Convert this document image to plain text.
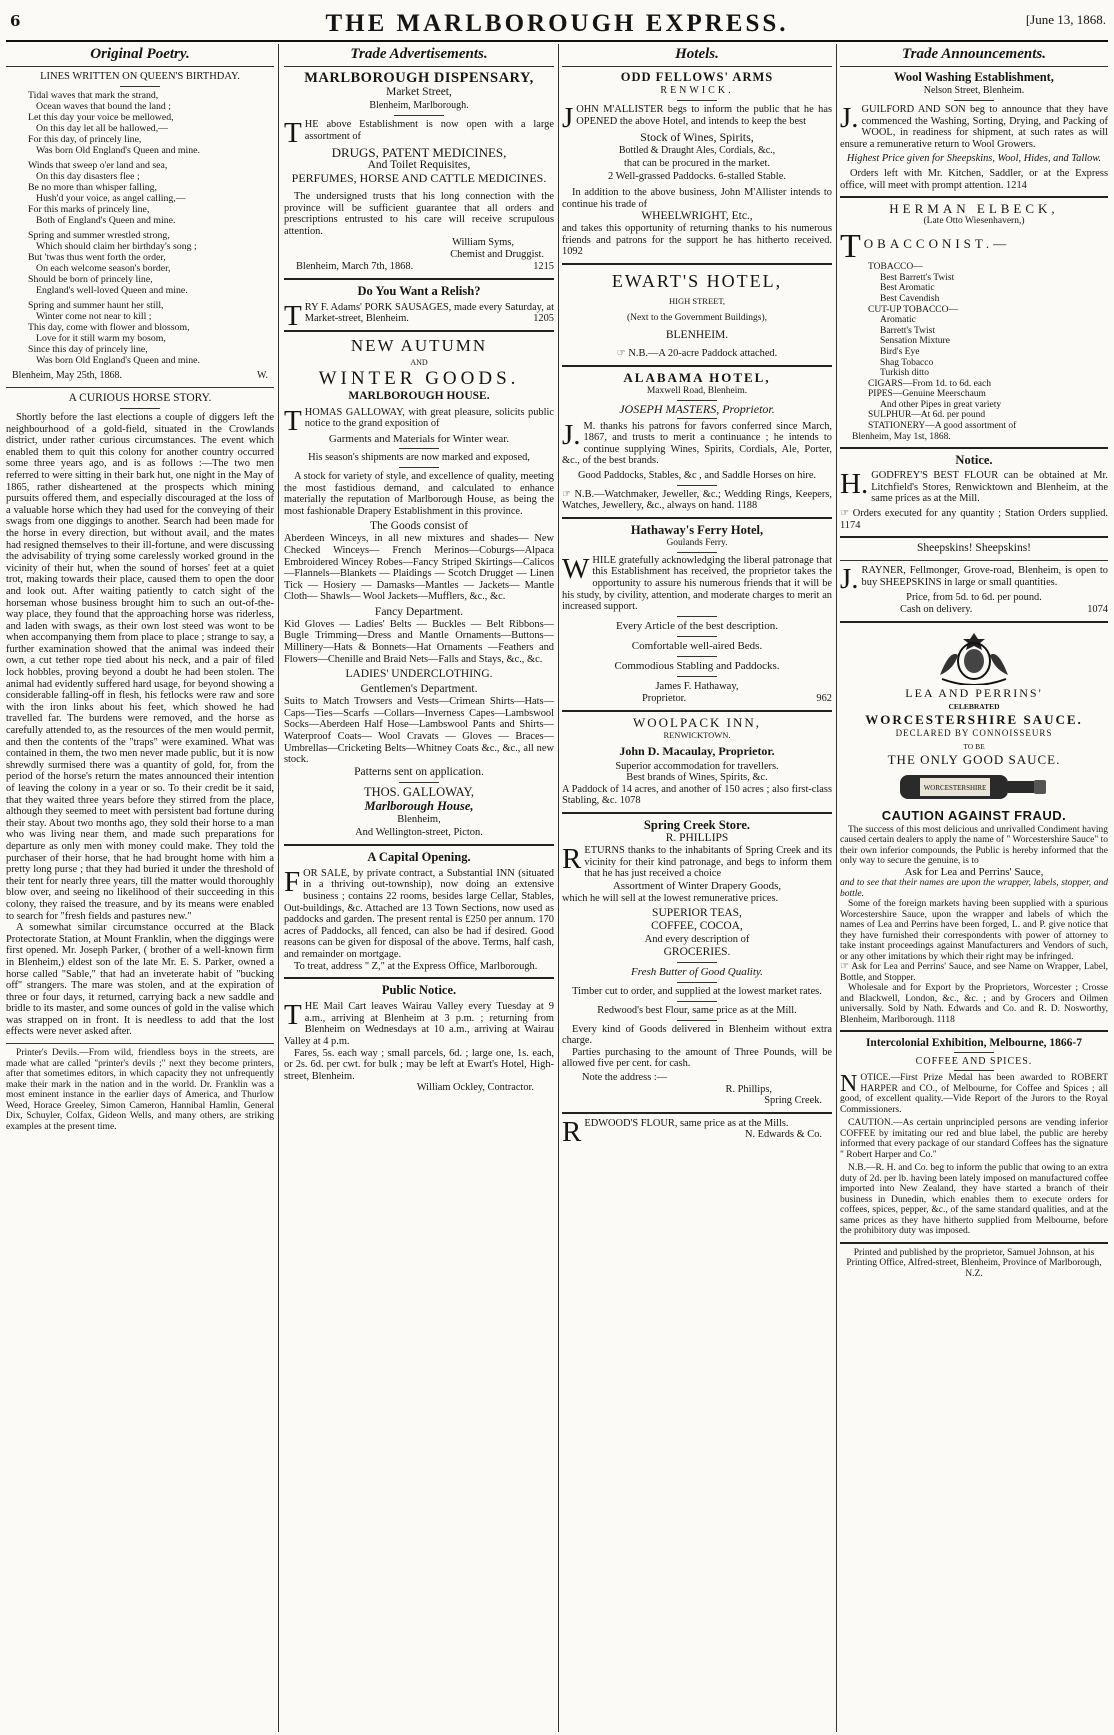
6	THE MARLBOROUGH EXPRESS.	[June 13, 1868.
Original Poetry.
LINES WRITTEN ON QUEEN'S BIRTHDAY.
Tidal waves that mark the strand,
Ocean waves that bound the land ;
Let this day your voice be mellowed,
On this day let all be hallowed,—
For this day, of princely line,
Was born Old England's Queen and mine.
Winds that sweep o'er land and sea,
On this day disasters flee ;
Be no more than whisper falling,
Hush'd your voice, as angel calling,—
For this marks of princely line,
Both of England's Queen and mine.
Spring and summer wrestled strong,
Which should claim her birthday's song ;
But 'twas thus went forth the order,
On each welcome season's border,
Should be born of princely line,
England's well-loved Queen and mine.
Spring and summer haunt her still,
Winter come not near to kill ;
This day, come with flower and blossom,
Love for it still warm my bosom,
Since this day of princely line,
Was born Old England's Queen and mine.
Blenheim, May 25th, 1868.	W.
A CURIOUS HORSE STORY.

Shortly before the last elections a couple of diggers left the neighbourhood of a gold-field, situated in the Crowlands district, under rather curious circumstances. The event which enabled them to quit this colony for another country occurred some three years ago, and is as follows :—The two men referred to were sitting in their bark hut, one night in the May of 1865, rather disheartened at the prospects which mining pursuits offered them, and especially discouraged at the loss of a valuable horse which they had used for the conveying of their swags from one diggings to another. Search had been made for the horse in every direction, but without avail, and the mates had resigned themselves to their ill-fortune, and were discussing the advisability of trying some carelessly worked ground in the vicinity of their hut, when the sound of horses' feet at a quiet trot, making towards their place, caused them to open the door and look out. After waiting patiently to catch sight of the horseman whose business brought him to such an out-of-the-way place, they found that the approaching horse was riderless, and laden with swags, as their own lost steed was wont to be when accompanying them from place to place ; strange to say, a further examination showed that the animal was indeed their own, a cut tether rope tied about his neck, and a pair of filed lock hobbles, proving beyond a doubt he had been stolen. The animal had evidently suffered hard usage, for beyond showing a considerable falling-off in flesh, his fetlocks were raw and sore with the iron links about his feet, which showed he had travelled far. The burdens were removed, and the horse as carefully attended to, as the resources of the men would permit, and then the contents of the "traps" were examined. What was contained in them, the two men never made public, but it is now shrewdly surmised there was a quantity of gold, for, from the period of the horse's return the mates announced their intention of leaving the colony in a year or so. To their credit be it said, that they waited three years before they stirred from the place, although they seemed to meet with persistent bad fortune during their stay. About two months ago, they sold their horse to a man who was living near them, and made such preparations for departure as only men with money could make. They told the purchaser of their horse, that he had brought home with him a pretty long purse ; that they had buried it under the threshold of their tent for nearly three years, till the matter would thoroughly blow over, and seeing no likelihood of their succeeding in this colony, they raised the treasure, and by its means were enabled to search for "fresh fields and pastures new."

A somewhat similar circumstance occurred at the Black Protectorate Station, at Mount Franklin, when the diggings were first opened. Mr. Joseph Parker, ( brother of a well-known firm in Blenheim,) eldest son of the late Mr. E. S. Parker, owned a horse called "Sable," that had an inveterate habit of "bucking off" strangers. The mare was stolen, and at the expiration of three or four days, it returned, carrying back a new saddle and bridle to its master, and some ounces of gold in the valise which was strapped on in front. It is needless to add that the lost effects were never asked after.

Printer's Devils.—From wild, friendless boys in the streets, are made what are called "printer's devils ;" next they become printers, after that sometimes editors, in which capacity they not unfrequently make their mark in the nation and in the world. Dr. Franklin was a most eminent instance in the earlier days of America, and Thurlow Weed, Horace Greeley, Simon Cameron, Hannibal Hamlin, General Dix, Schuyler, Colfax, Gideon Wells, and many others, are striking examples at the present time.

Trade Advertisements.
MARLBOROUGH DISPENSARY,
Market Street,
Blenheim, Marlborough.

THE above Establishment is now open with a large assortment of

DRUGS, PATENT MEDICINES,
And Toilet Requisites,
PERFUMES, HORSE AND CATTLE MEDICINES.

The undersigned trusts that his long connection with the province will be sufficient guarantee that all orders and prescriptions entrusted to his care will receive scrupulous attention.

William Syms,
Chemist and Druggist.
Blenheim, March 7th, 1868.	1215
Do You Want a Relish?

TRY F. Adams' PORK SAUSAGES, made every Saturday, at Market-street, Blenheim.	1205

NEW AUTUMN
AND
WINTER GOODS.
MARLBOROUGH HOUSE.

THOMAS GALLOWAY, with great pleasure, solicits public notice to the grand exposition of

Garments and Materials for Winter wear.

His season's shipments are now marked and exposed,

A stock for variety of style, and excellence of quality, meeting the most fastidious demand, and calculated to enhance materially the reputation of Marlborough House, as being the most fashionable Drapery Establishment in this province.

The Goods consist of

Aberdeen Winceys, in all new mixtures and shades— New Checked Winceys— French Merinos—Coburgs—Alpaca Embroidered Wincey Robes—Fancy Striped Skirtings—Calicos—Flannels—Blankets — Plaidings — Scotch Drugget — Linen Tick — Hosiery — Damasks—Mantles — Jackets— Mantle Cloth— Shawls— Wool Jackets—Mufflers, &c., &c.

Fancy Department.

Kid Gloves — Ladies' Belts — Buckles — Belt Ribbons—Bugle Trimming—Dress and Mantle Ornaments—Buttons—Millinery—Hats & Bonnets—Hat Ornaments —Feathers and Flowers—Chenille and Braid Nets—Falls and Stays, &c., &c.

LADIES' UNDERCLOTHING.
Gentlemen's Department.

Suits to Match Trowsers and Vests—Crimean Shirts—Hats—Caps—Ties—Scarfs —Collars—Inverness Capes—Lambswool Socks—Aberdeen Half Hose—Lambswool Pants and Shirts—Waterproof Coats— Wool Cravats — Gloves — Braces— Umbrellas—Cricketing Belts—Whitney Coats &c., &c., all new stock.

Patterns sent on application.
THOS. GALLOWAY,
Marlborough House,
Blenheim,
And Wellington-street, Picton.
A Capital Opening.

FOR SALE, by private contract, a Substantial INN (situated in a thriving out-township), now doing an extensive business ; contains 22 rooms, besides large Cellar, Stables, Out-buildings, &c. Attached are 13 Town Sections, now used as paddocks and garden. The present rental is £250 per annum. 170 acres of Paddocks, all fenced, can also be had if desired. Good reasons can be given for disposal of the above. Terms, half cash, and remainder on mortgage.

To treat, address " Z," at the Express Office, Marlborough.

Public Notice.

THE Mail Cart leaves Wairau Valley every Tuesday at 9 a.m., arriving at Blenheim at 3 p.m. ; returning from Blenheim on Wednesdays at 10 a.m., arriving at Wairau Valley at 4 p.m.

Fares, 5s. each way ; small parcels, 6d. ; large one, 1s. each, or 2s. 6d. per cwt. for bulk ; may be left at Ewart's Hotel, High-street, Blenheim.

William Ockley, Contractor.
Hotels.
ODD FELLOWS' ARMS
RENWICK.

JOHN M'ALLISTER begs to inform the public that he has OPENED the above Hotel, and intends to keep the best

Stock of Wines, Spirits,
Bottled & Draught Ales, Cordials, &c.,
that can be procured in the market.
2 Well-grassed Paddocks. 6-stalled Stable.

In addition to the above business, John M'Allister intends to continue his trade of

WHEELWRIGHT, Etc.,

and takes this opportunity of returning thanks to his numerous friends and patrons for the support he has hitherto received. 1092

EWART'S HOTEL,
HIGH STREET,
(Next to the Government Buildings),
BLENHEIM.
☞ N.B.—A 20-acre Paddock attached.
ALABAMA HOTEL,
Maxwell Road, Blenheim.
JOSEPH MASTERS, Proprietor.

J. M. thanks his patrons for favors conferred since March, 1867, and trusts to merit a continuance ; he intends to continue supplying Wines, Spirits, Cordials, Ale, Porter, &c., of the best brands.

Good Paddocks, Stables, &c , and Saddle Horses on hire.

☞ N.B.—Watchmaker, Jeweller, &c.; Wedding Rings, Keepers, Watches, Jewellery, &c., always on hand. 1188

Hathaway's Ferry Hotel,
Goulands Ferry.

WHILE gratefully acknowledging the liberal patronage that this Establishment has received, the proprietor takes the opportunity to assure his numerous friends that it will be his study, by civility, attention, and moderate charges to merit an increased support.

Every Article of the best description.
Comfortable well-aired Beds.
Commodious Stabling and Paddocks.
James F. Hathaway,
Proprietor.	962
WOOLPACK INN,
RENWICKTOWN.
John D. Macaulay, Proprietor.

Superior accommodation for travellers.

Best brands of Wines, Spirits, &c.

A Paddock of 14 acres, and another of 150 acres ; also first-class Stabling, &c. 1078

Spring Creek Store.
R. PHILLIPS

RETURNS thanks to the inhabitants of Spring Creek and its vicinity for their kind patronage, and begs to inform them that he has just received a choice

Assortment of Winter Drapery Goods,

which he will sell at the lowest remunerative prices.

SUPERIOR TEAS,
COFFEE, COCOA,
And every description of
GROCERIES.
Fresh Butter of Good Quality.

Timber cut to order, and supplied at the lowest market rates.

Redwood's best Flour, same price as at the Mill.

Every kind of Goods delivered in Blenheim without extra charge.

Parties purchasing to the amount of Three Pounds, will be allowed five per cent. for cash.

Note the address :—
R. Phillips,
Spring Creek.

REDWOOD'S FLOUR, same price as at the Mills.

N. Edwards & Co.
Trade Announcements.
Wool Washing Establishment,
Nelson Street, Blenheim.

J. GUILFORD AND SON beg to announce that they have commenced the Washing, Sorting, Drying, and Packing of WOOL, in readiness for shipment, at such rates as will ensure a remunerative return to Wool Growers.

Highest Price given for Sheepskins, Wool, Hides, and Tallow.

Orders left with Mr. Kitchen, Saddler, or at the Express office, will meet with prompt attention. 1214

HERMAN ELBECK,
(Late Otto Wiesenhavern,)
T OBACCONIST.—
TOBACCO—
Best Barrett's Twist
Best Aromatic
Best Cavendish
CUT-UP TOBACCO—
Aromatic
Barrett's Twist
Sensation Mixture
Bird's Eye
Shag Tobacco
Turkish ditto
CIGARS—From 1d. to 6d. each
PIPES—Genuine Meerschaum
And other Pipes in great variety
SULPHUR—At 6d. per pound
STATIONERY—A good assortment of
Blenheim, May 1st, 1868.
Notice.

H. GODFREY'S BEST FLOUR can be obtained at Mr. Litchfield's Stores, Renwicktown and Blenheim, at the same prices as at the Mill.

☞ Orders executed for any quantity ; Station Orders supplied. 1174

Sheepskins! Sheepskins!

J. RAYNER, Fellmonger, Grove-road, Blenheim, is open to buy SHEEPSKINS in large or small quantities.

Price, from 5d. to 6d. per pound.

Cash on delivery.	1074
LEA AND PERRINS'
CELEBRATED
WORCESTERSHIRE SAUCE.
DECLARED BY CONNOISSEURS
TO BE
THE ONLY GOOD SAUCE.
WORCESTERSHIRE
CAUTION AGAINST FRAUD.

The success of this most delicious and unrivalled Condiment having caused certain dealers to apply the name of " Worcestershire Sauce" to their own inferior compounds, the Public is hereby informed that the only way to secure the genuine, is to

Ask for Lea and Perrins' Sauce,

and to see that their names are upon the wrapper, labels, stopper, and bottle.

Some of the foreign markets having been supplied with a spurious Worcestershire Sauce, upon the wrapper and labels of which the names of Lea and Perrins have been forged, L. and P. give notice that they have furnished their correspondents with power of attorney to take instant proceedings against Manufacturers and Vendors of such, or any other imitations by which their right may be infringed.

☞ Ask for Lea and Perrins' Sauce, and see Name on Wrapper, Label, Bottle, and Stopper.

Wholesale and for Export by the Proprietors, Worcester ; Crosse and Blackwell, London, &c., &c. ; and by Grocers and Oilmen universally. Sold by Nath. Edwards and Co. and R. D. Nosworthy, Blenheim, Marlborough. 1118

Intercolonial Exhibition, Melbourne, 1866-7
COFFEE AND SPICES.

NOTICE.—First Prize Medal has been awarded to ROBERT HARPER and CO., of Melbourne, for Coffee and Spices ; all good, of excellent quality.—Vide Report of the Jurors to the Royal Commissioners.

CAUTION.—As certain unprincipled persons are vending inferior COFFEE by imitating our red and blue label, the public are hereby informed that every package of our standard Coffees has the signature " Robert Harper and Co."

N.B.—R. H. and Co. beg to inform the public that owing to an extra duty of 2d. per lb. having been lately imposed on manufactured coffee imported into New Zealand, they have started a branch of their business in Dunedin, which enables them to execute orders for coffees, spices, pepper, &c., of the same standard qualities, and at the same prices as they have hitherto supplied from Melbourne, before the prohibitory duty was imposed.

Printed and published by the proprietor, Samuel Johnson, at his Printing Office, Alfred-street, Blenheim, Province of Marlborough, N.Z.
